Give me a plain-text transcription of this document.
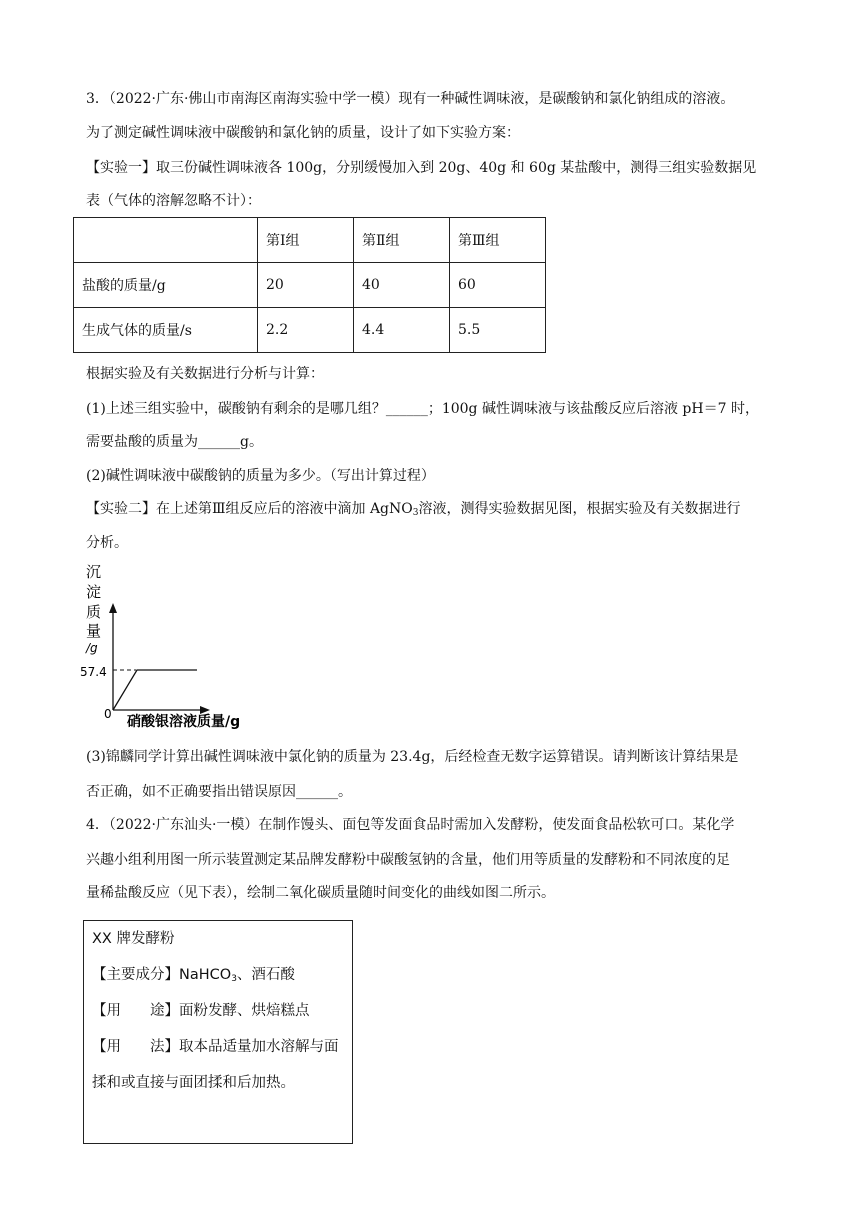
3．（2022·广东·佛山市南海区南海实验中学一模）现有一种碱性调味液，是碳酸钠和氯化钠组成的溶液。
为了测定碱性调味液中碳酸钠和氯化钠的质量，设计了如下实验方案：
【实验一】取三份碱性调味液各 100g，分别缓慢加入到 20g、40g 和 60g 某盐酸中，测得三组实验数据见
表（气体的溶解忽略不计）：
	第Ⅰ组	第Ⅱ组	第Ⅲ组
盐酸的质量/g	20	40	60
生成气体的质量/s	2.2	4.4	5.5
根据实验及有关数据进行分析与计算：
(1)上述三组实验中，碳酸钠有剩余的是哪几组？______；100g 碱性调味液与该盐酸反应后溶液 pH＝7 时，
需要盐酸的质量为______g。
(2)碱性调味液中碳酸钠的质量为多少。（写出计算过程）
【实验二】在上述第Ⅲ组反应后的溶液中滴加 AgNO$_3$溶液，测得实验数据见图，根据实验及有关数据进行
分析。
沉
淀
质
量
/g
0
57.4
硝酸银溶液质量/g
(3)锦麟同学计算出碱性调味液中氯化钠的质量为 23.4g，后经检查无数字运算错误。请判断该计算结果是
否正确，如不正确要指出错误原因______。
4．（2022·广东汕头·一模）在制作馒头、面包等发面食品时需加入发酵粉，使发面食品松软可口。某化学
兴趣小组利用图一所示装置测定某品牌发酵粉中碳酸氢钠的含量，他们用等质量的发酵粉和不同浓度的足
量稀盐酸反应（见下表），绘制二氧化碳质量随时间变化的曲线如图二所示。
XX 牌发酵粉
【主要成分】NaHCO$_3$、酒石酸
【用　　途】面粉发酵、烘焙糕点
【用　　法】取本品适量加水溶解与面
揉和或直接与面团揉和后加热。
